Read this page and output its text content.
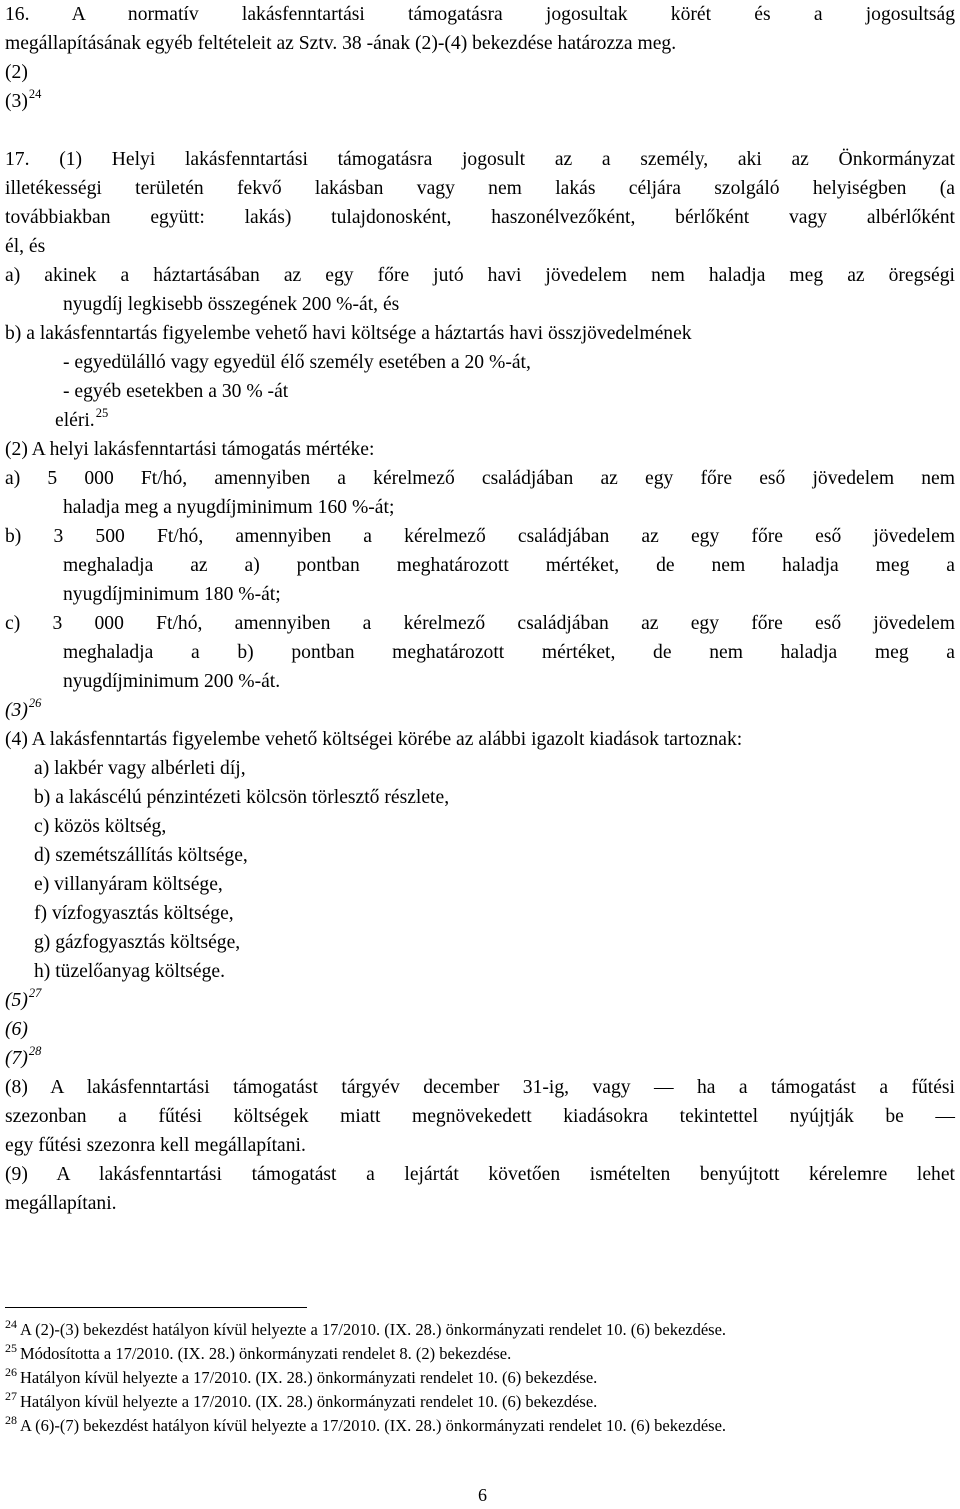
16. A normatív lakásfenntartási támogatásra jogosultak körét és a jogosultság
megállapításának egyéb feltételeit az Sztv. 38 -ának (2)-(4) bekezdése határozza meg.
(2)
$(3)^{24}$
17. (1) Helyi lakásfenntartási támogatásra jogosult az a személy, aki az Önkormányzat
illetékességi területén fekvő lakásban vagy nem lakás céljára szolgáló helyiségben (a
továbbiakban együtt: lakás) tulajdonosként, haszonélvezőként, bérlőként vagy albérlőként
él, és
a) akinek a háztartásában az egy főre jutó havi jövedelem nem haladja meg az öregségi
nyugdíj legkisebb összegének 200 %-át, és
b) a lakásfenntartás figyelembe vehető havi költsége a háztartás havi összjövedelmének
- egyedülálló vagy egyedül élő személy esetében a 20 %-át,
- egyéb esetekben a 30 % -át
eléri.$^{25}$
(2) A helyi lakásfenntartási támogatás mértéke:
a) 5 000 Ft/hó, amennyiben a kérelmező családjában az egy főre eső jövedelem nem
haladja meg a nyugdíjminimum 160 %-át;
b) 3 500 Ft/hó, amennyiben a kérelmező családjában az egy főre eső jövedelem
meghaladja az a) pontban meghatározott mértéket, de nem haladja meg a
nyugdíjminimum 180 %-át;
c) 3 000 Ft/hó, amennyiben a kérelmező családjában az egy főre eső jövedelem
meghaladja a b) pontban meghatározott mértéket, de nem haladja meg a
nyugdíjminimum 200 %-át.
$(3)^{26}$
(4) A lakásfenntartás figyelembe vehető költségei körébe az alábbi igazolt kiadások tartoznak:
a) lakbér vagy albérleti díj,
b) a lakáscélú pénzintézeti kölcsön törlesztő részlete,
c) közös költség,
d) szemétszállítás költsége,
e) villanyáram költsége,
f) vízfogyasztás költsége,
g) gázfogyasztás költsége,
h) tüzelőanyag költsége.
$(5)^{27}$
(6)
$(7)^{28}$
(8) A lakásfenntartási támogatást tárgyév december 31-ig, vagy — ha a támogatást a fűtési
szezonban a fűtési költségek miatt megnövekedett kiadásokra tekintettel nyújtják be —
egy fűtési szezonra kell megállapítani.
(9) A lakásfenntartási támogatást a lejártát követően ismételten benyújtott kérelemre lehet
megállapítani.
$^{24}$ A (2)-(3) bekezdést hatályon kívül helyezte a 17/2010. (IX. 28.) önkormányzati rendelet 10. (6) bekezdése.
$^{25}$ Módosította a 17/2010. (IX. 28.) önkormányzati rendelet 8. (2) bekezdése.
$^{26}$ Hatályon kívül helyezte a 17/2010. (IX. 28.) önkormányzati rendelet 10. (6) bekezdése.
$^{27}$ Hatályon kívül helyezte a 17/2010. (IX. 28.) önkormányzati rendelet 10. (6) bekezdése.
$^{28}$ A (6)-(7) bekezdést hatályon kívül helyezte a 17/2010. (IX. 28.) önkormányzati rendelet 10. (6) bekezdése.
6
